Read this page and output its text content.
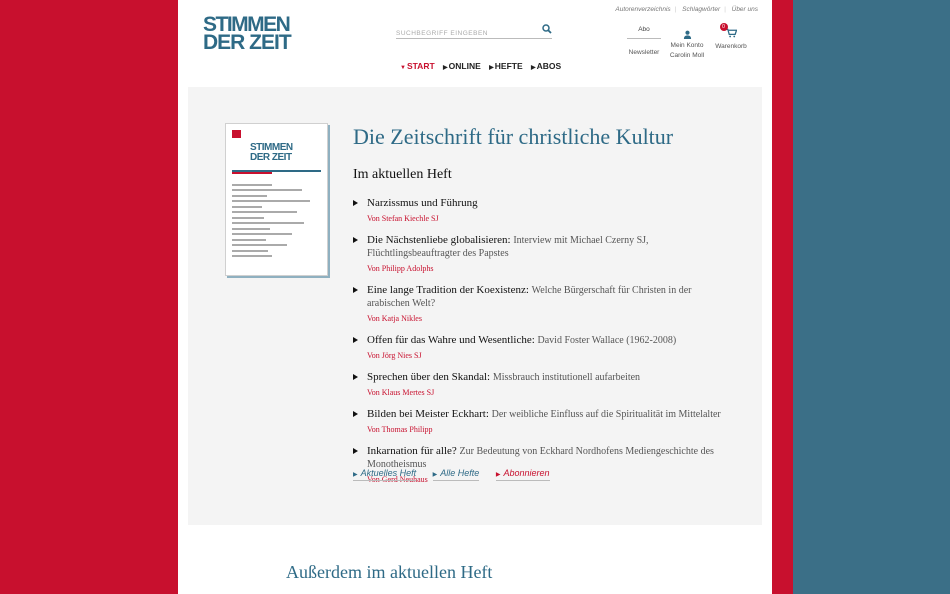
STIMMEN
DER ZEIT
Autorenverzeichnis | Schlagwörter | Über uns
SUCHBEGRIFF EINGEBEN
Abo
Newsletter
Mein Konto
Carolin Moll
0
Warenkorb
▼START ▶ONLINE ▶HEFTE ▶ABOS
STIMMEN
DER ZEIT
Die Zeitschrift für christliche Kultur
Im aktuellen Heft
Narzissmus und Führung
Von Stefan Kiechle SJ
Die Nächstenliebe globalisieren: Interview mit Michael Czerny SJ, Flüchtlingsbeauftragter des Papstes
Von Philipp Adolphs
Eine lange Tradition der Koexistenz: Welche Bürgerschaft für Christen in der arabischen Welt?
Von Katja Nikles
Offen für das Wahre und Wesentliche: David Foster Wallace (1962-2008)
Von Jörg Nies SJ
Sprechen über den Skandal: Missbrauch institutionell aufarbeiten
Von Klaus Mertes SJ
Bilden bei Meister Eckhart: Der weibliche Einfluss auf die Spiritualität im Mittelalter
Von Thomas Philipp
Inkarnation für alle? Zur Bedeutung von Eckhard Nordhofens Mediengeschichte des Monotheismus
Von Gerd Neuhaus
▶ Aktuelles Heft	▶ Alle Hefte	▶ Abonnieren
Außerdem im aktuellen Heft
